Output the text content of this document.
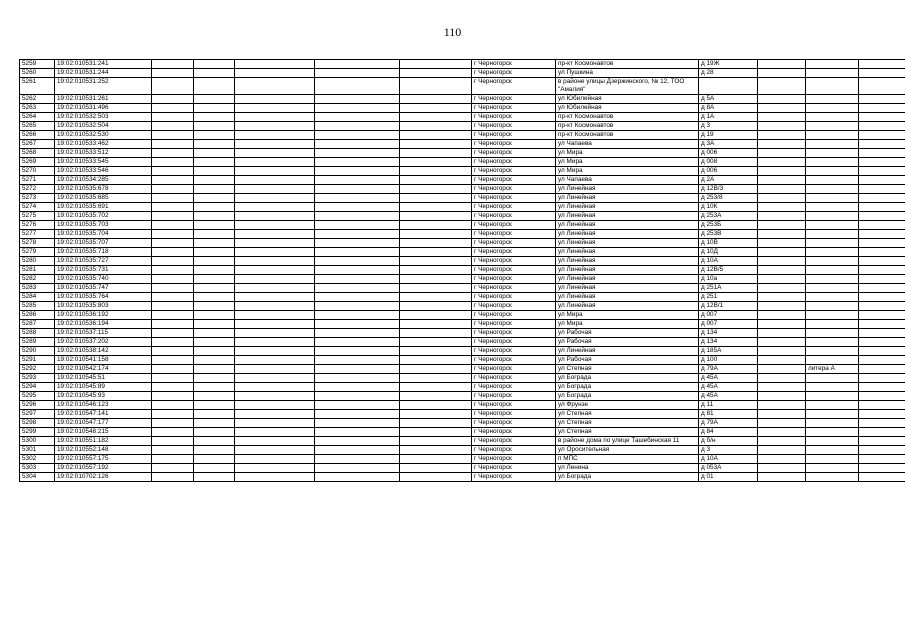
110
5259	19:02:010531:241						г Черногорск	пр-кт Космонавтов	д 19Ж				
5260	19:02:010531:244						г Черногорск	ул Пушкина	д 28				
5261	19:02:010531:252						г Черногорск	в районе улицы Дзержинского, № 12, ТОО "Амалия"					
5262	19:02:010531:261						г Черногорск	ул Юбилейная	д 5А				
5263	19:02:010531:496						г Черногорск	ул Юбилейная	д 8А				
5264	19:02:010532:503						г Черногорск	пр-кт Космонавтов	д 1А				
5265	19:02:010532:504						г Черногорск	пр-кт Космонавтов	д 3				
5266	19:02:010532:530						г Черногорск	пр-кт Космонавтов	д 19				
5267	19:02:010533:462						г Черногорск	ул Чапаева	д 3А				
5268	19:02:010533:512						г Черногорск	ул Мира	д 006				
5269	19:02:010533:545						г Черногорск	ул Мира	д 008				
5270	19:02:010533:546						г Черногорск	ул Мира	д 006				
5271	19:02:010534:285						г Черногорск	ул Чапаева	д 2А				
5272	19:02:010535:678						г Черногорск	ул Линейная	д 12В/3				
5273	19:02:010535:685						г Черногорск	ул Линейная	д 253/8				
5274	19:02:010535:691						г Черногорск	ул Линейная	д 10К				
5275	19:02:010535:702						г Черногорск	ул Линейная	д 253А				
5276	19:02:010535:703						г Черногорск	ул Линейная	д 253Б				
5277	19:02:010535:704						г Черногорск	ул Линейная	д 253В				
5278	19:02:010535:707						г Черногорск	ул Линейная	д 10В				
5279	19:02:010535:718						г Черногорск	ул Линейная	д 10Д				
5280	19:02:010535:727						г Черногорск	ул Линейная	д 10А				
5281	19:02:010535:731						г Черногорск	ул Линейная	д 12В/5				
5282	19:02:010535:740						г Черногорск	ул Линейная	д 10а				
5283	19:02:010535:747						г Черногорск	ул Линейная	д 251А				
5284	19:02:010535:764						г Черногорск	ул Линейная	д 251				
5285	19:02:010535:803						г Черногорск	ул Линейная	д 12В/1				
5286	19:02:010536:192						г Черногорск	ул Мира	д 007				
5287	19:02:010536:194						г Черногорск	ул Мира	д 007				
5288	19:02:010537:115						г Черногорск	ул Рабочая	д 134				
5289	19:02:010537:202						г Черногорск	ул Рабочая	д 134				
5290	19:02:010538:142						г Черногорск	ул Линейная	д 185А				
5291	19:02:010541:158						г Черногорск	ул Рабочая	д 100				
5292	19:02:010542:174						г Черногорск	ул Степная	д 79А		литера А		
5293	19:02:010545:51						г Черногорск	ул Бограда	д 45А				
5294	19:02:010545:89						г Черногорск	ул Бограда	д 45А				
5295	19:02:010545:93						г Черногорск	ул Бограда	д 45А				
5296	19:02:010546:123						г Черногорск	ул Фрунзе	д 11				
5297	19:02:010547:141						г Черногорск	ул Степная	д 81				
5298	19:02:010547:177						г Черногорск	ул Степная	д 79А				
5299	19:02:010548:215						г Черногорск	ул Степная	д 84				
5300	19:02:010551:182						г Черногорск	в районе дома по улице Ташебинская 11	д б/н				
5301	19:02:010552:148						г Черногорск	ул Оросительная	д 3				
5302	19:02:010557:175						г Черногорск	п МПС	д 10А				
5303	19:02:010557:192						г Черногорск	ул Ленина	д 053А				
5304	19:02:010702:126						г Черногорск	ул Бограда	д 01				
